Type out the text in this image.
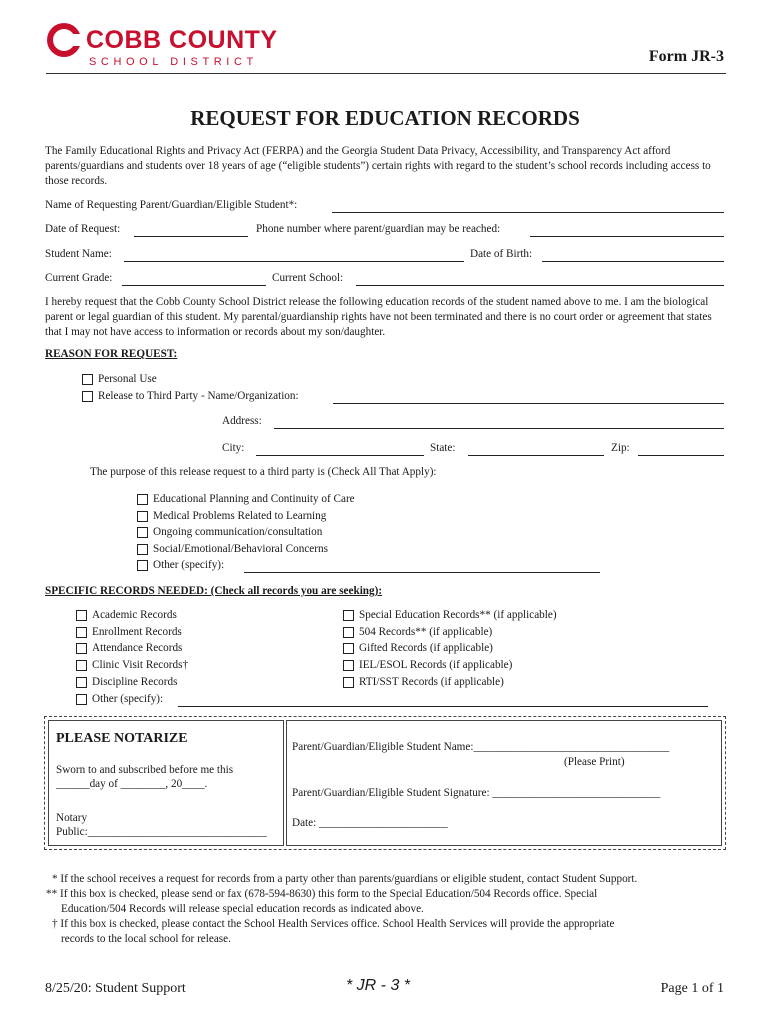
COBB COUNTY
SCHOOL DISTRICT	Form JR-3
REQUEST FOR EDUCATION RECORDS
The Family Educational Rights and Privacy Act (FERPA) and the Georgia Student Data Privacy, Accessibility, and Transparency Act afford parents/guardians and students over 18 years of age (“eligible students”) certain rights with regard to the student’s school records including access to those records.
Name of Requesting Parent/Guardian/Eligible Student*:
Date of Request:	Phone number where parent/guardian may be reached:
Student Name:	Date of Birth:
Current Grade:	Current School:
I hereby request that the Cobb County School District release the following education records of the student named above to me. I am the biological parent or legal guardian of this student. My parental/guardianship rights have not been terminated and there is no court order or agreement that states that I may not have access to information or records about my son/daughter.
REASON FOR REQUEST:
Personal Use
Release to Third Party - Name/Organization:
Address:
City:	State:	Zip:
The purpose of this release request to a third party is (Check All That Apply):
Educational Planning and Continuity of Care
Medical Problems Related to Learning
Ongoing communication/consultation
Social/Emotional/Behavioral Concerns
Other (specify):
SPECIFIC RECORDS NEEDED: (Check all records you are seeking):
Academic Records
Enrollment Records
Attendance Records
Clinic Visit Records†
Discipline Records
Other (specify):
Special Education Records** (if applicable)
504 Records** (if applicable)
Gifted Records (if applicable)
IEL/ESOL Records (if applicable)
RTI/SST Records (if applicable)
PLEASE NOTARIZE
Sworn to and subscribed before me this
______day of ________, 20____.
Notary
Public:________________________________
Parent/Guardian/Eligible Student Name:___________________________________
(Please Print)
Parent/Guardian/Eligible Student Signature: ______________________________
Date: _______________________
* If the school receives a request for records from a party other than parents/guardians or eligible student, contact Student Support.
** If this box is checked, please send or fax (678-594-8630) this form to the Special Education/504 Records office. Special
Education/504 Records will release special education records as indicated above.
† If this box is checked, please contact the School Health Services office. School Health Services will provide the appropriate
records to the local school for release.
8/25/20: Student Support	* JR - 3 *	Page 1 of 1
